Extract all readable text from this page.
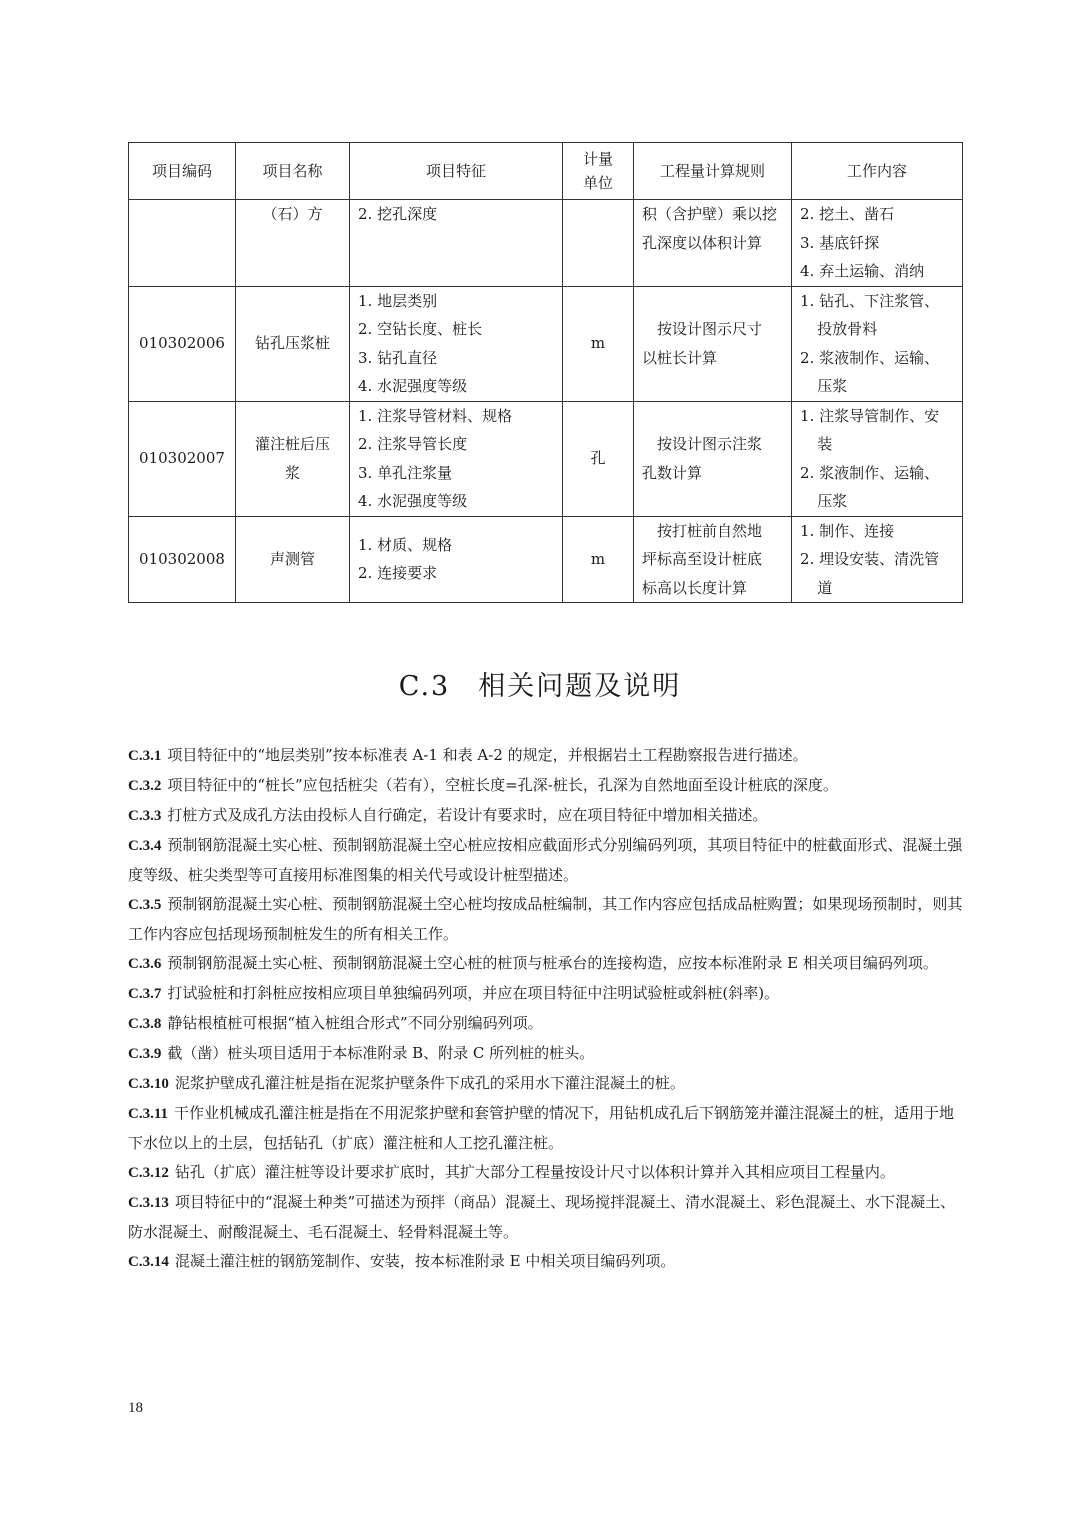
项目编码	项目名称	项目特征	计量单位	工程量计算规则	工作内容

	（石）方	2. 挖孔深度		积（含护壁）乘以挖
孔深度以体积计算	2. 挖土、凿石
3. 基底钎探
4. 弃土运输、消纳

010302006	钻孔压浆桩	1. 地层类别
2. 空钻长度、桩长
3. 钻孔直径
4. 水泥强度等级	m	按设计图示尺寸
以桩长计算	1. 钻孔、下注浆管、
投放骨料
2. 浆液制作、运输、
压浆

010302007	灌注桩后压浆	1. 注浆导管材料、规格
2. 注浆导管长度
3. 单孔注浆量
4. 水泥强度等级	孔	按设计图示注浆
孔数计算	1. 注浆导管制作、安
装
2. 浆液制作、运输、
压浆

010302008	声测管	1. 材质、规格
2. 连接要求	m	按打桩前自然地
坪标高至设计桩底
标高以长度计算	1. 制作、连接
2. 埋设安装、清洗管
道
C.3 相关问题及说明

C.3.1 项目特征中的“地层类别”按本标准表 A-1 和表 A-2 的规定，并根据岩土工程勘察报告进行描述。

C.3.2 项目特征中的“桩长”应包括桩尖（若有），空桩长度=孔深-桩长，孔深为自然地面至设计桩底的深度。

C.3.3 打桩方式及成孔方法由投标人自行确定，若设计有要求时，应在项目特征中增加相关描述。

C.3.4 预制钢筋混凝土实心桩、预制钢筋混凝土空心桩应按相应截面形式分别编码列项，其项目特征中的桩截面形式、混凝土强度等级、桩尖类型等可直接用标准图集的相关代号或设计桩型描述。

C.3.5 预制钢筋混凝土实心桩、预制钢筋混凝土空心桩均按成品桩编制，其工作内容应包括成品桩购置；如果现场预制时，则其工作内容应包括现场预制桩发生的所有相关工作。

C.3.6 预制钢筋混凝土实心桩、预制钢筋混凝土空心桩的桩顶与桩承台的连接构造，应按本标准附录 E 相关项目编码列项。

C.3.7 打试验桩和打斜桩应按相应项目单独编码列项，并应在项目特征中注明试验桩或斜桩(斜率)。

C.3.8 静钻根植桩可根据“植入桩组合形式”不同分别编码列项。

C.3.9 截（凿）桩头项目适用于本标准附录 B、附录 C 所列桩的桩头。

C.3.10 泥浆护壁成孔灌注桩是指在泥浆护壁条件下成孔的采用水下灌注混凝土的桩。

C.3.11 干作业机械成孔灌注桩是指在不用泥浆护壁和套管护壁的情况下，用钻机成孔后下钢筋笼并灌注混凝土的桩，适用于地下水位以上的土层，包括钻孔（扩底）灌注桩和人工挖孔灌注桩。

C.3.12 钻孔（扩底）灌注桩等设计要求扩底时，其扩大部分工程量按设计尺寸以体积计算并入其相应项目工程量内。

C.3.13 项目特征中的“混凝土种类”可描述为预拌（商品）混凝土、现场搅拌混凝土、清水混凝土、彩色混凝土、水下混凝土、防水混凝土、耐酸混凝土、毛石混凝土、轻骨料混凝土等。

C.3.14 混凝土灌注桩的钢筋笼制作、安装，按本标准附录 E 中相关项目编码列项。

18
